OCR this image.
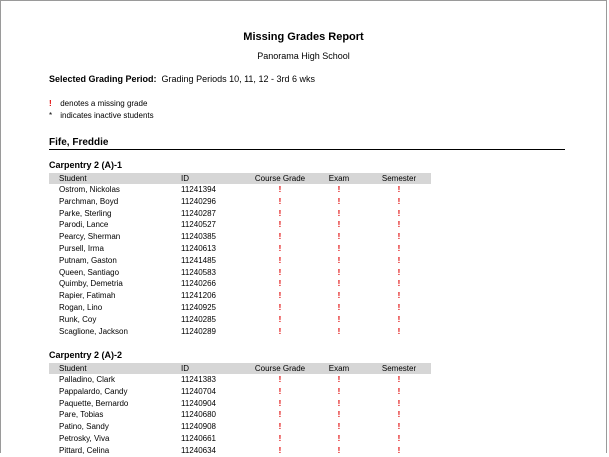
Missing Grades Report
Panorama High School
Selected Grading Period: Grading Periods 10, 11, 12 - 3rd 6 wks
! denotes a missing grade
* indicates inactive students
Fife, Freddie
Carpentry 2 (A)-1
Student	ID	Course Grade	Exam	Semester
Ostrom, Nickolas	11241394	!	!	!
Parchman, Boyd	11240296	!	!	!
Parke, Sterling	11240287	!	!	!
Parodi, Lance	11240527	!	!	!
Pearcy, Sherman	11240385	!	!	!
Pursell, Irma	11240613	!	!	!
Putnam, Gaston	11241485	!	!	!
Queen, Santiago	11240583	!	!	!
Quimby, Demetria	11240266	!	!	!
Rapier, Fatimah	11241206	!	!	!
Rogan, Lino	11240925	!	!	!
Runk, Coy	11240285	!	!	!
Scaglione, Jackson	11240289	!	!	!
Carpentry 2 (A)-2
Student	ID	Course Grade	Exam	Semester
Palladino, Clark	11241383	!	!	!
Pappalardo, Candy	11240704	!	!	!
Paquette, Bernardo	11240904	!	!	!
Pare, Tobias	11240680	!	!	!
Patino, Sandy	11240908	!	!	!
Petrosky, Viva	11240661	!	!	!
Pittard, Celina	11240634	!	!	!
